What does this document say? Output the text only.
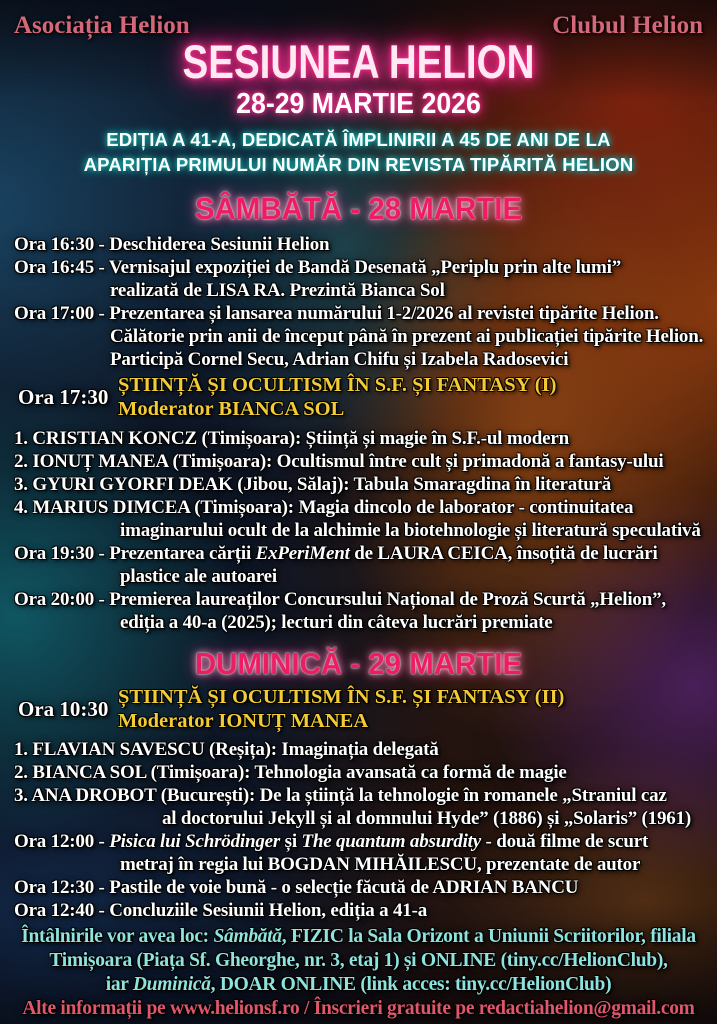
Asociația Helion	Clubul Helion
SESIUNEA HELION
28-29 MARTIE 2026
EDIȚIA A 41-A, DEDICATĂ ÎMPLINIRII A 45 DE ANI DE LA
APARIȚIA PRIMULUI NUMĂR DIN REVISTA TIPĂRITĂ HELION
SÂMBĂTĂ - 28 MARTIE
Ora 16:30 - Deschiderea Sesiunii Helion
Ora 16:45 - Vernisajul expoziției de Bandă Desenată „Periplu prin alte lumi”
realizată de LISA RA. Prezintă Bianca Sol
Ora 17:00 - Prezentarea și lansarea numărului 1-2/2026 al revistei tipărite Helion.
Călătorie prin anii de început până în prezent ai publicației tipărite Helion.
Participă Cornel Secu, Adrian Chifu și Izabela Radosevici
Ora 17:30 ȘTIINȚĂ ȘI OCULTISM ÎN S.F. ȘI FANTASY (I)
Moderator BIANCA SOL
1. CRISTIAN KONCZ (Timișoara): Știință și magie în S.F.-ul modern
2. IONUȚ MANEA (Timișoara): Ocultismul între cult și primadonă a fantasy-ului
3. GYURI GYORFI DEAK (Jibou, Sălaj): Tabula Smaragdina în literatură
4. MARIUS DIMCEA (Timișoara): Magia dincolo de laborator - continuitatea
imaginarului ocult de la alchimie la biotehnologie și literatură speculativă
Ora 19:30 - Prezentarea cărții ExPeriMent de LAURA CEICA, însoțită de lucrări
plastice ale autoarei
Ora 20:00 - Premierea laureaților Concursului Național de Proză Scurtă „Helion”,
ediția a 40-a (2025); lecturi din câteva lucrări premiate
DUMINICĂ - 29 MARTIE
Ora 10:30 ȘTIINȚĂ ȘI OCULTISM ÎN S.F. ȘI FANTASY (II)
Moderator IONUȚ MANEA
1. FLAVIAN SAVESCU (Reșița): Imaginația delegată
2. BIANCA SOL (Timișoara): Tehnologia avansată ca formă de magie
3. ANA DROBOT (București): De la știință la tehnologie în romanele „Straniul caz
al doctorului Jekyll și al domnului Hyde” (1886) și „Solaris” (1961)
Ora 12:00 - Pisica lui Schrödinger și The quantum absurdity - două filme de scurt
metraj în regia lui BOGDAN MIHĂILESCU, prezentate de autor
Ora 12:30 - Pastile de voie bună - o selecție făcută de ADRIAN BANCU
Ora 12:40 - Concluziile Sesiunii Helion, ediția a 41-a
Întâlnirile vor avea loc: Sâmbătă, FIZIC la Sala Orizont a Uniunii Scriitorilor, filiala
Timișoara (Piața Sf. Gheorghe, nr. 3, etaj 1) și ONLINE (tiny.cc/HelionClub),
iar Duminică, DOAR ONLINE (link acces: tiny.cc/HelionClub)
Alte informații pe www.helionsf.ro / Înscrieri gratuite pe redactiahelion@gmail.com
